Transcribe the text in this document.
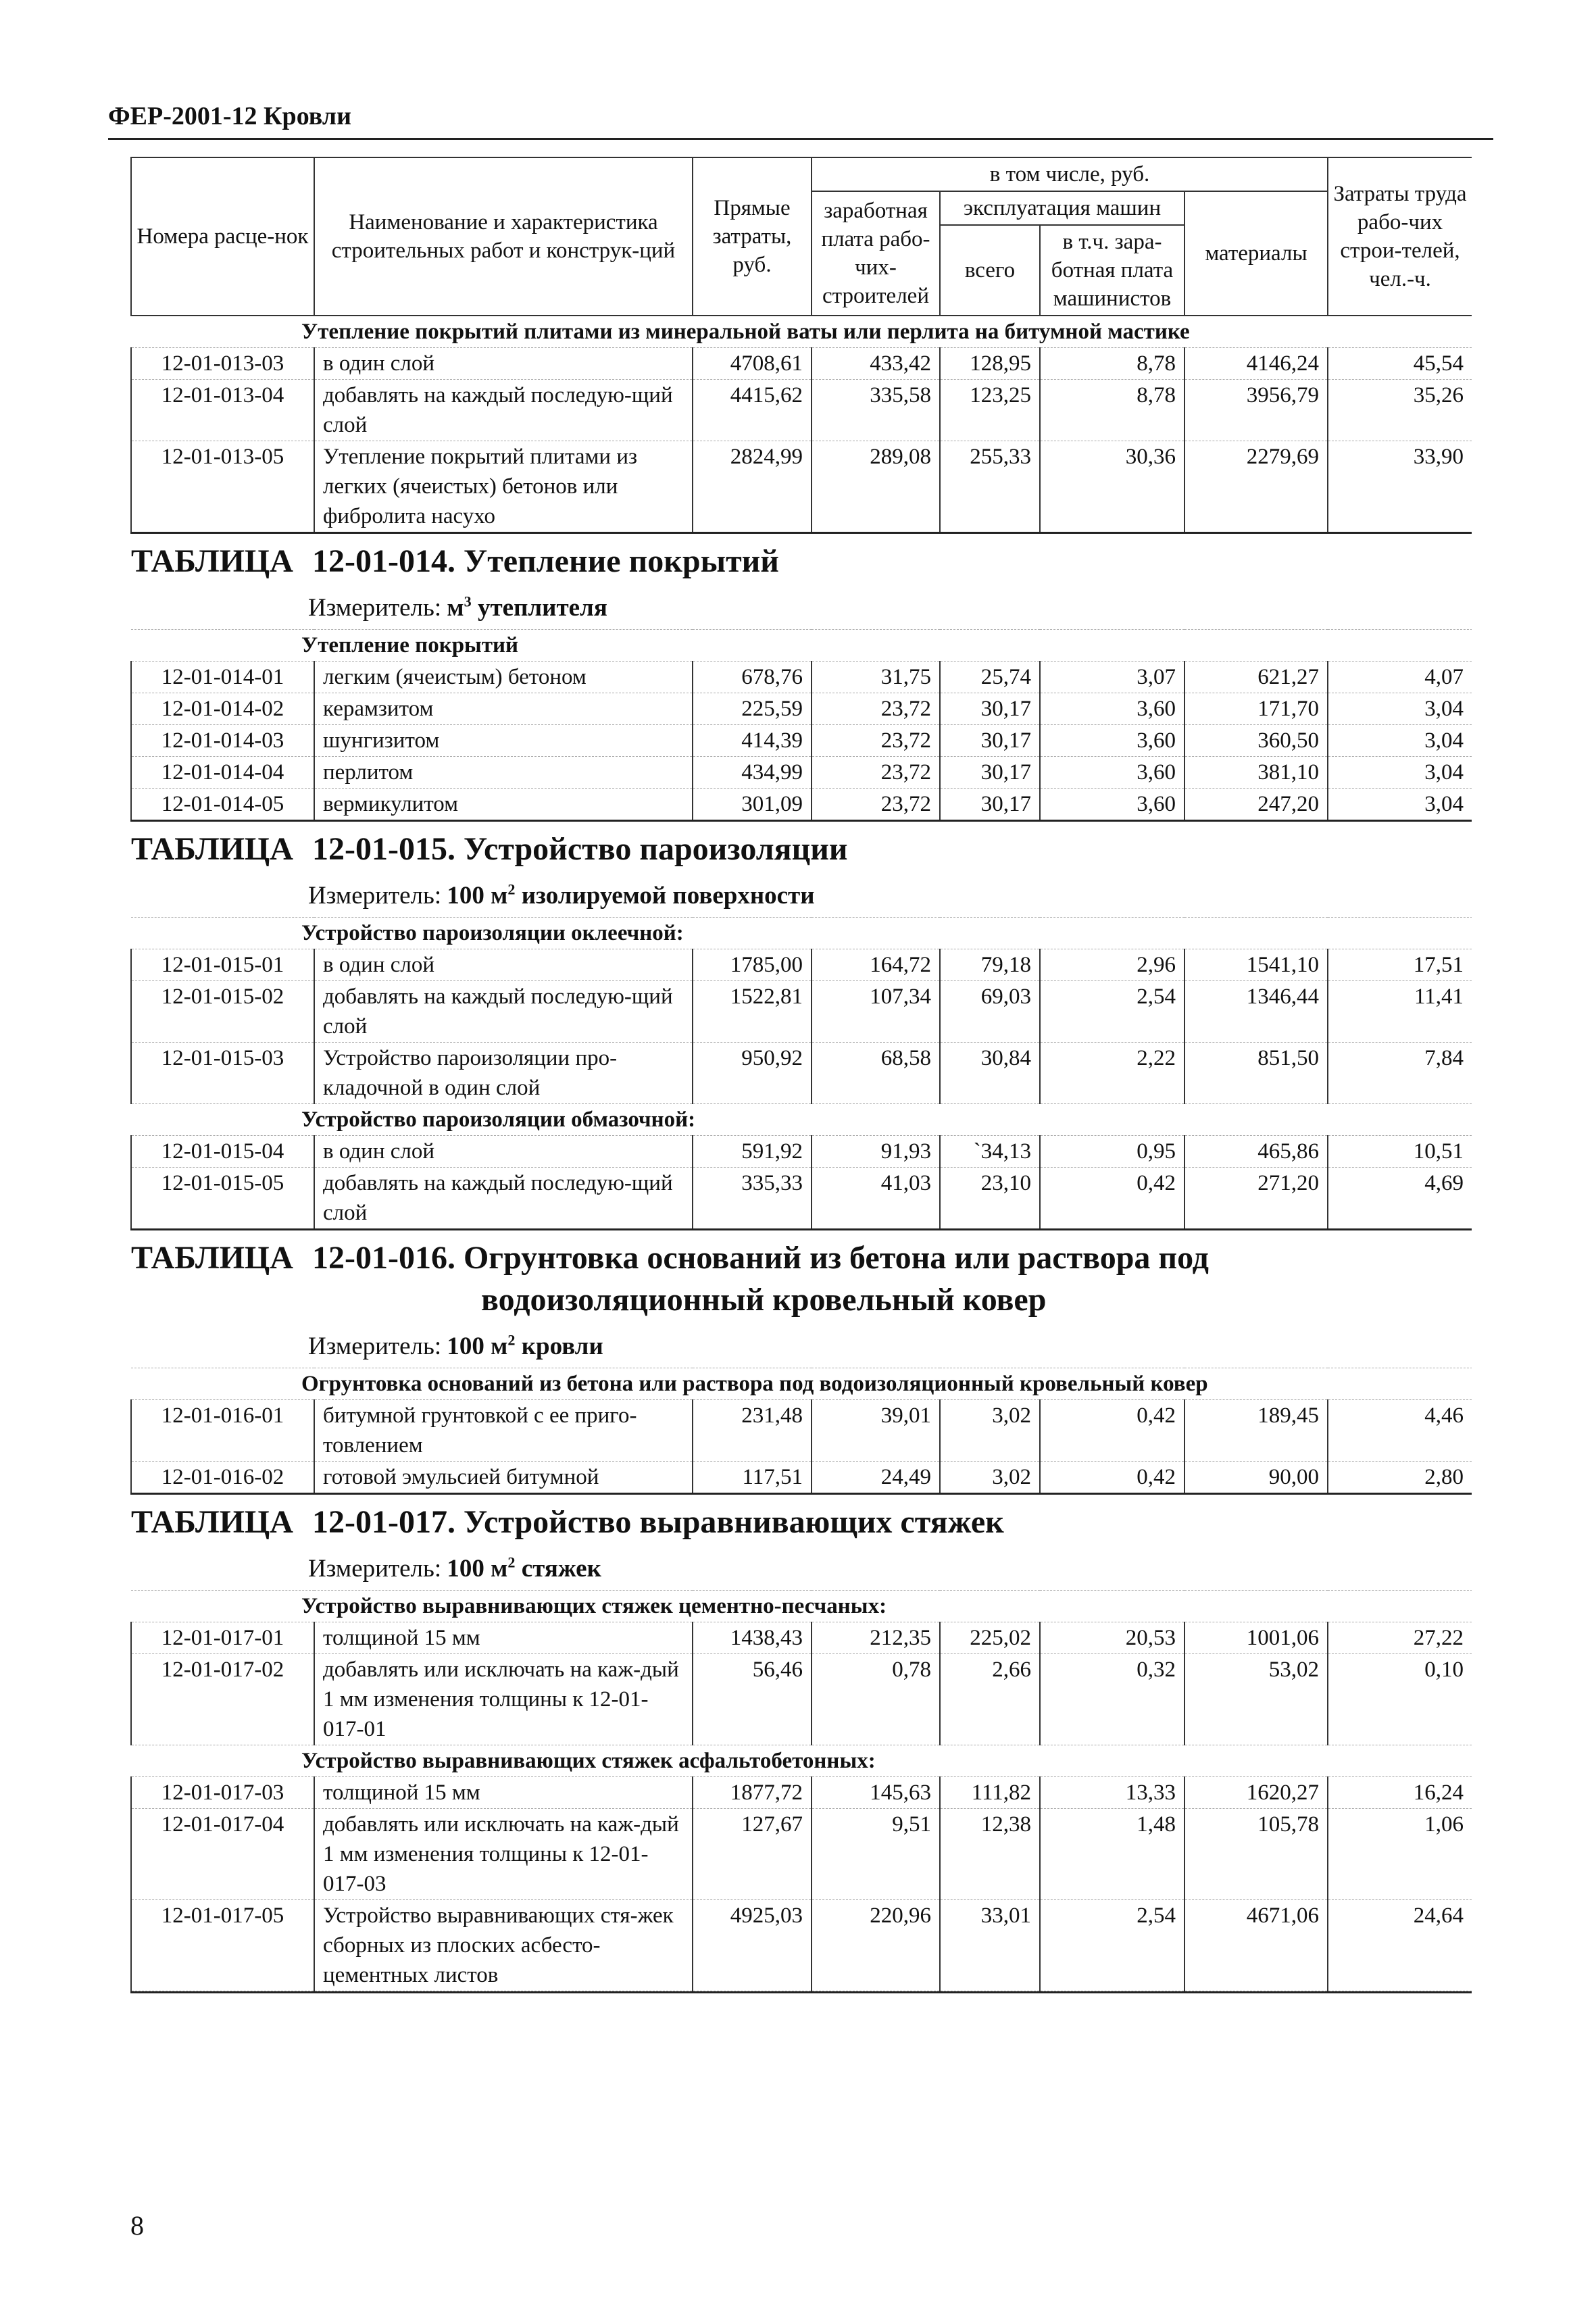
ФЕР-2001-12 Кровли
Номера расце-нок	Наименование и характеристика строительных работ и конструк-ций	Прямые затраты, руб.	в том числе, руб.				Затраты труда рабо-чих строи-телей, чел.-ч.
			заработная плата рабо-чих-строителей	эксплуатация машин		материалы	
				всего	в т.ч. зара-ботная плата машинистов		
Утепление покрытий плитами из минеральной ваты или перлита на битумной мастике							
12-01-013-03	в один слой	4708,61	433,42	128,95	8,78	4146,24	45,54
12-01-013-04	добавлять на каждый последую-щий слой	4415,62	335,58	123,25	8,78	3956,79	35,26
12-01-013-05	Утепление покрытий плитами из легких (ячеистых) бетонов или фибролита насухо	2824,99	289,08	255,33	30,36	2279,69	33,90
ТАБЛИЦА 12-01-014. Утепление покрытий							
Измеритель: $м^3$ утеплителя							
Утепление покрытий							
12-01-014-01	легким (ячеистым) бетоном	678,76	31,75	25,74	3,07	621,27	4,07
12-01-014-02	керамзитом	225,59	23,72	30,17	3,60	171,70	3,04
12-01-014-03	шунгизитом	414,39	23,72	30,17	3,60	360,50	3,04
12-01-014-04	перлитом	434,99	23,72	30,17	3,60	381,10	3,04
12-01-014-05	вермикулитом	301,09	23,72	30,17	3,60	247,20	3,04
ТАБЛИЦА 12-01-015. Устройство пароизоляции							
Измеритель: 100 $м^2$ изолируемой поверхности							
Устройство пароизоляции оклеечной:							
12-01-015-01	в один слой	1785,00	164,72	79,18	2,96	1541,10	17,51
12-01-015-02	добавлять на каждый последую-щий слой	1522,81	107,34	69,03	2,54	1346,44	11,41
12-01-015-03	Устройство пароизоляции про-кладочной в один слой	950,92	68,58	30,84	2,22	851,50	7,84
Устройство пароизоляции обмазочной:							
12-01-015-04	в один слой	591,92	91,93	`34,13	0,95	465,86	10,51
12-01-015-05	добавлять на каждый последую-щий слой	335,33	41,03	23,10	0,42	271,20	4,69
ТАБЛИЦА 12-01-016. Огрунтовка оснований из бетона или раствора под
водоизоляционный кровельный ковер							

Измеритель: 100 $м^2$ кровли							
Огрунтовка оснований из бетона или раствора под водоизоляционный кровельный ковер							
12-01-016-01	битумной грунтовкой с ее приго-товлением	231,48	39,01	3,02	0,42	189,45	4,46
12-01-016-02	готовой эмульсией битумной	117,51	24,49	3,02	0,42	90,00	2,80
ТАБЛИЦА 12-01-017. Устройство выравнивающих стяжек							
Измеритель: 100 $м^2$ стяжек							
Устройство выравнивающих стяжек цементно-песчаных:							
12-01-017-01	толщиной 15 мм	1438,43	212,35	225,02	20,53	1001,06	27,22
12-01-017-02	добавлять или исключать на каж-дый 1 мм изменения толщины к 12-01-017-01	56,46	0,78	2,66	0,32	53,02	0,10
Устройство выравнивающих стяжек асфальтобетонных:							
12-01-017-03	толщиной 15 мм	1877,72	145,63	111,82	13,33	1620,27	16,24
12-01-017-04	добавлять или исключать на каж-дый 1 мм изменения толщины к 12-01-017-03	127,67	9,51	12,38	1,48	105,78	1,06
12-01-017-05	Устройство выравнивающих стя-жек сборных из плоских асбесто-цементных листов	4925,03	220,96	33,01	2,54	4671,06	24,64
8
